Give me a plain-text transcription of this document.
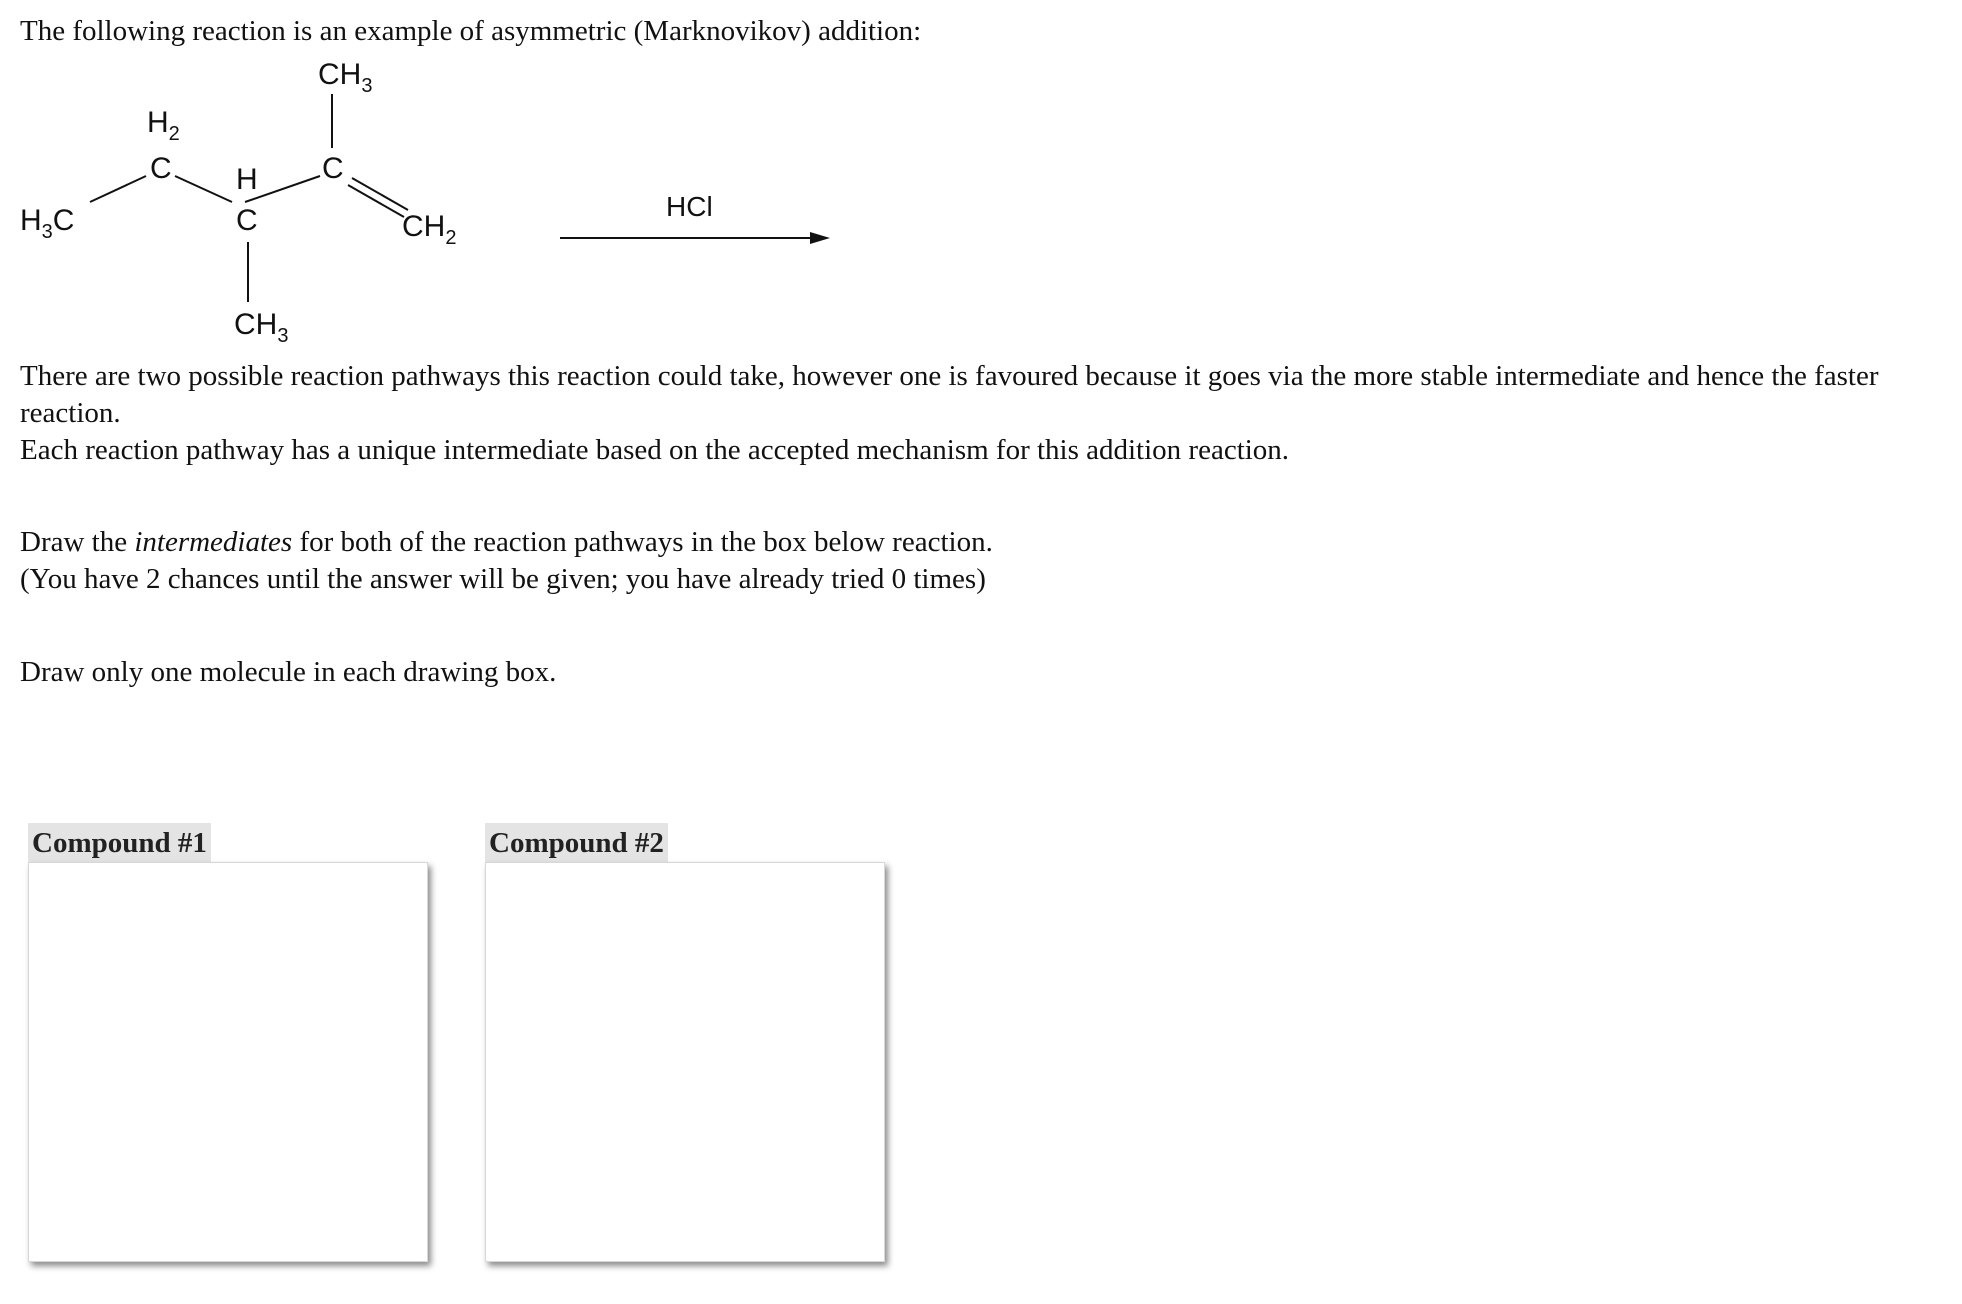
The following reaction is an example of asymmetric (Marknovikov) addition:

$CH_3$
$H_2$
C H C
$H_3C$	C	$CH_2$
$CH_3$
HCl

There are two possible reaction pathways this reaction could take, however one is favoured because it goes via the more stable intermediate and hence the faster reaction.

Each reaction pathway has a unique intermediate based on the accepted mechanism for this addition reaction.

Draw the intermediates for both of the reaction pathways in the box below reaction.

(You have 2 chances until the answer will be given; you have already tried 0 times)

Draw only one molecule in each drawing box.

Compound #1	Compound #2
